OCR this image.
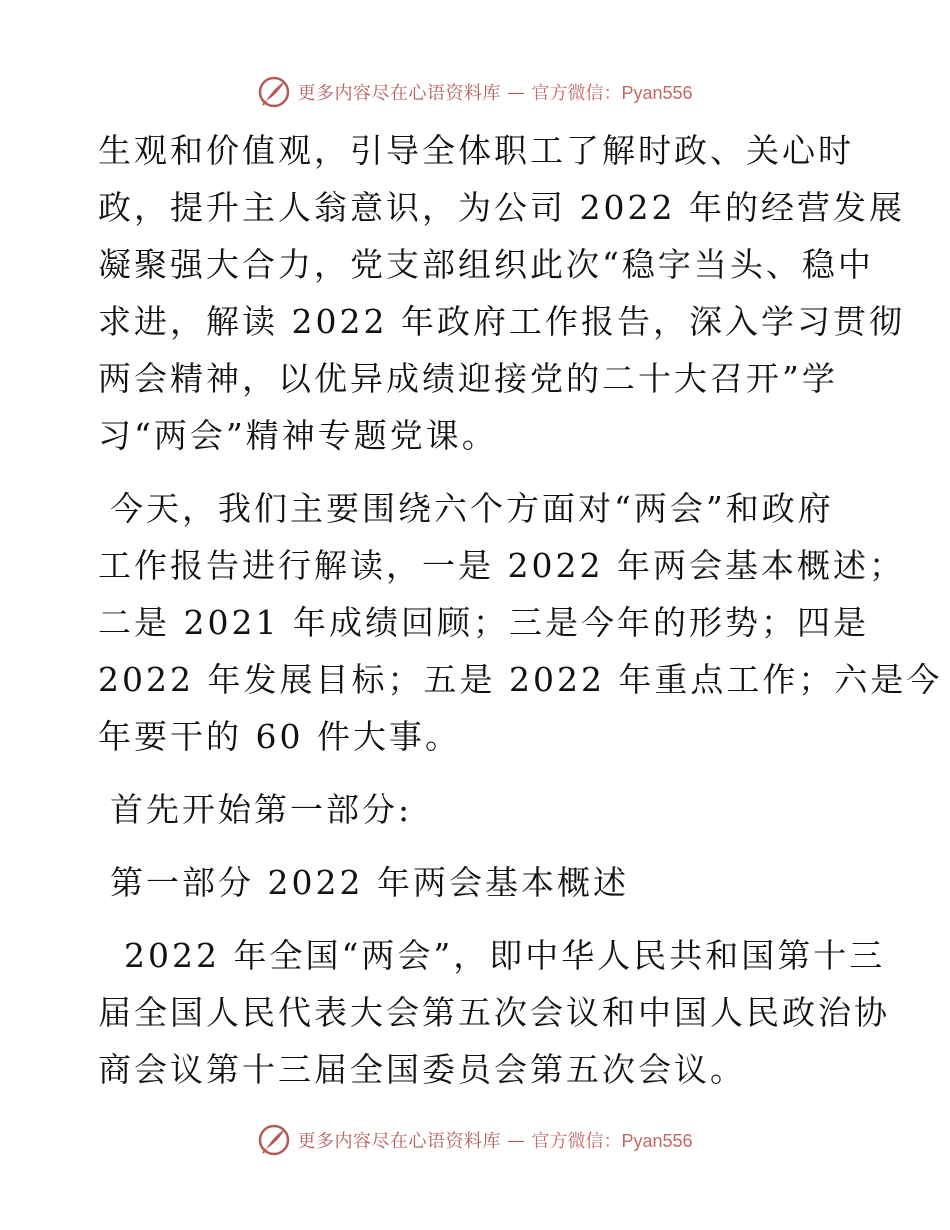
更多内容尽在心语资料库 — 官方微信：Pyan556

生观和价值观，引导全体职工了解时政、关心时

政，提升主人翁意识，为公司 2022 年的经营发展

凝聚强大合力，党支部组织此次“稳字当头、稳中

求进，解读 2022 年政府工作报告，深入学习贯彻

两会精神，以优异成绩迎接党的二十大召开”学

习“两会”精神专题党课。

今天，我们主要围绕六个方面对“两会”和政府

工作报告进行解读，一是 2022 年两会基本概述；

二是 2021 年成绩回顾；三是今年的形势；四是

2022 年发展目标；五是 2022 年重点工作；六是今

年要干的 60 件大事。

首先开始第一部分:

第一部分 2022 年两会基本概述

2022 年全国“两会”，即中华人民共和国第十三

届全国人民代表大会第五次会议和中国人民政治协

商会议第十三届全国委员会第五次会议。

更多内容尽在心语资料库 — 官方微信：Pyan556
